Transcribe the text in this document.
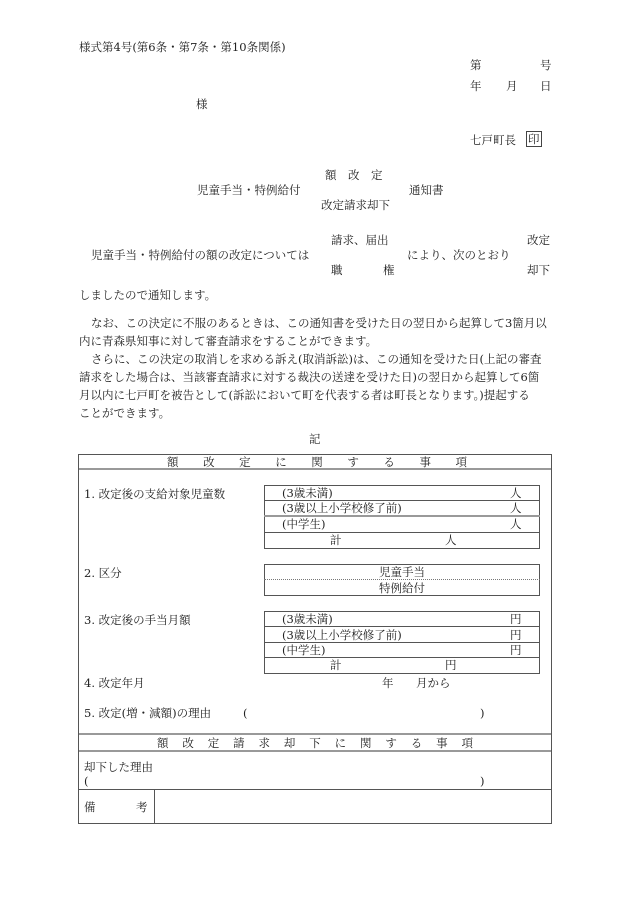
様式第4号(第6条・第7条・第10条関係)
第	号
年 月 日
様
七戸町長 印
額　改　定
児童手当・特例給付	通知書
改定請求却下
請求、届出	改定
児童手当・特例給付の額の改定については	により、次のとおり
職	権	却下
しましたので通知します。
なお、この決定に不服のあるときは、この通知書を受けた日の翌日から起算して3箇月以
内に青森県知事に対して審査請求をすることができます。
さらに、この決定の取消しを求める訴え(取消訴訟)は、この通知を受けた日(上記の審査
請求をした場合は、当該審査請求に対する裁決の送達を受けた日)の翌日から起算して6箇
月以内に七戸町を被告として(訴訟において町を代表する者は町長となります。)提起する
ことができます。
記
額 改 定 に 関 す る 事 項
1. 改定後の支給対象児童数	(3歳未満)	人
(3歳以上小学校修了前)	人
(中学生)	人
計	人
2. 区分	児童手当
特例給付
3. 改定後の手当月額	(3歳未満)	円
(3歳以上小学校修了前)	円
(中学生)	円
計	円
4. 改定年月	年 月から
5. 改定(増・減額)の理由	(	)
額 改 定 請 求 却 下 に 関 す る 事 項
却下した理由
(	)
備	考
